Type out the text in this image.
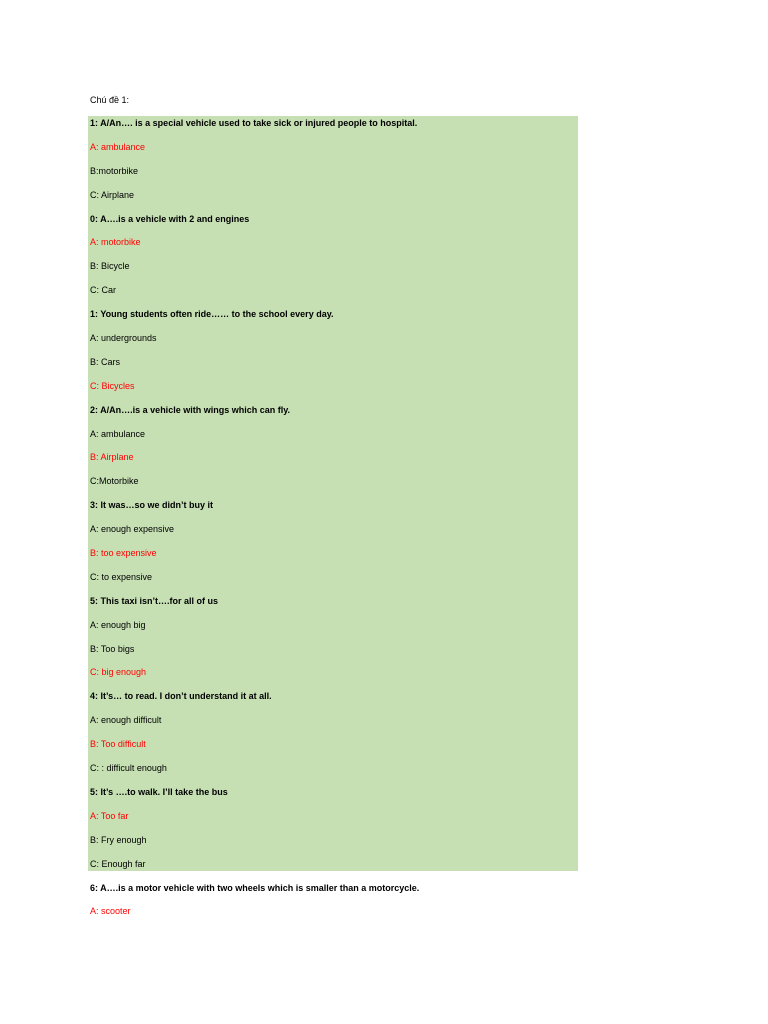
Chú đề 1:
1: A/An…. is a special vehicle used to take sick or injured people to hospital.
A: ambulance
B:motorbike
C: Airplane
0: A….is a vehicle with 2 and engines
A: motorbike
B: Bicycle
C: Car
1: Young students often ride…… to the school every day.
A: undergrounds
B: Cars
C: Bicycles
2: A/An….is a vehicle with wings which can fly.
A: ambulance
B: Airplane
C:Motorbike
3: It was…so we didn’t buy it
A: enough expensive
B: too expensive
C: to expensive
5: This taxi isn’t….for all of us
A: enough big
B: Too bigs
C: big enough
4: It’s… to read. I don’t understand it at all.
A: enough difficult
B: Too difficult
C: : difficult enough
5: It’s ….to walk. I’ll take the bus
A: Too far
B: Fry enough
C: Enough far
6: A….is a motor vehicle with two wheels which is smaller than a motorcycle.
A: scooter
